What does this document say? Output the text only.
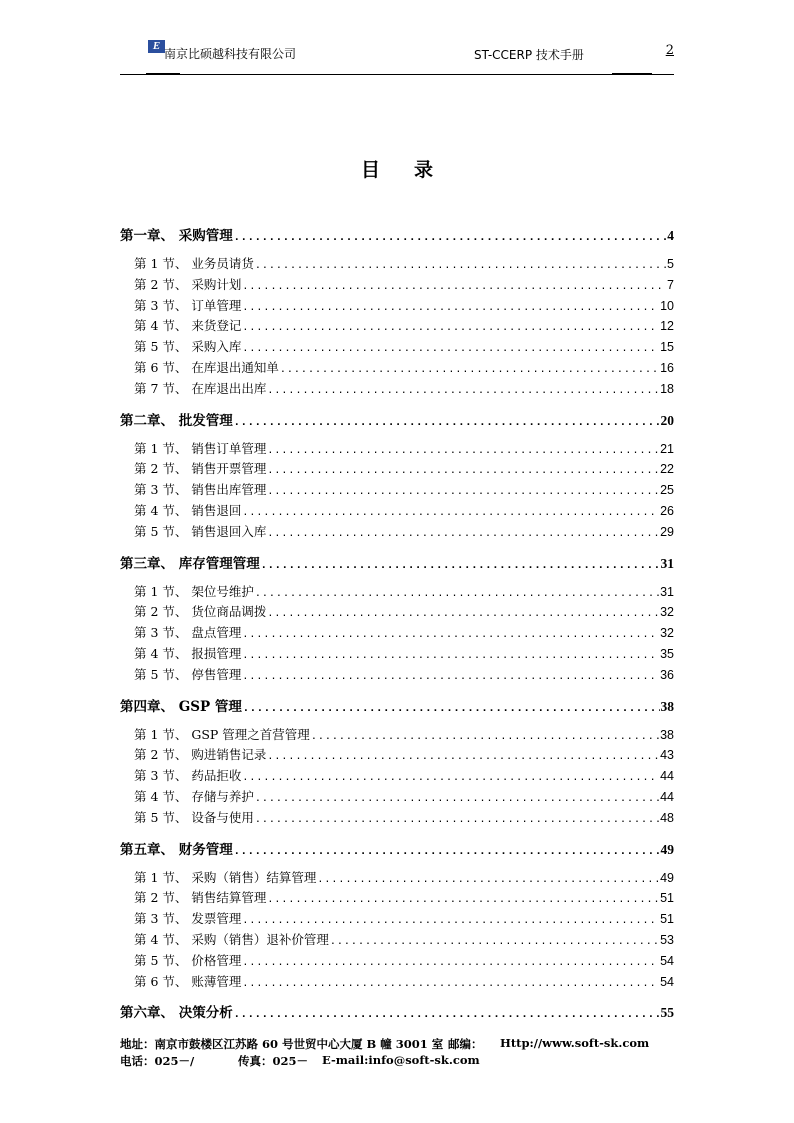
E
南京比硕越科技有限公司	ST-CCERP 技术手册	2
目录
第一章、 采购管理 .....	4
第 1 节、 业务员请货 .....	5
第 2 节、 采购计划 .....	7
第 3 节、 订单管理 .....	10
第 4 节、 来货登记 .....	12
第 5 节、 采购入库 .....	15
第 6 节、 在库退出通知单 .....	16
第 7 节、 在库退出出库 .....	18
第二章、 批发管理 .....	20
第 1 节、 销售订单管理 .....	21
第 2 节、 销售开票管理 .....	22
第 3 节、 销售出库管理 .....	25
第 4 节、 销售退回 .....	26
第 5 节、 销售退回入库 .....	29
第三章、 库存管理管理 .....	31
第 1 节、 架位号维护 .....	31
第 2 节、 货位商品调拨 .....	32
第 3 节、 盘点管理 .....	32
第 4 节、 报损管理 .....	35
第 5 节、 停售管理 .....	36
第四章、 GSP 管理 .....	38
第 1 节、 GSP 管理之首营管理 .....	38
第 2 节、 购进销售记录 .....	43
第 3 节、 药品拒收 .....	44
第 4 节、 存储与养护 .....	44
第 5 节、 设备与使用 .....	48
第五章、 财务管理 .....	49
第 1 节、 采购（销售）结算管理 .....	49
第 2 节、 销售结算管理 .....	51
第 3 节、 发票管理 .....	51
第 4 节、 采购（销售）退补价管理 .....	53
第 5 节、 价格管理 .....	54
第 6 节、 账薄管理 .....	54
第六章、 决策分析 .....	55
地址：南京市鼓楼区江苏路 60 号世贸中心大厦 B 幢 3001 室 邮编： Http://www.soft-sk.com
电话：025－/	传真：025－ E-mail:info@soft-sk.com
